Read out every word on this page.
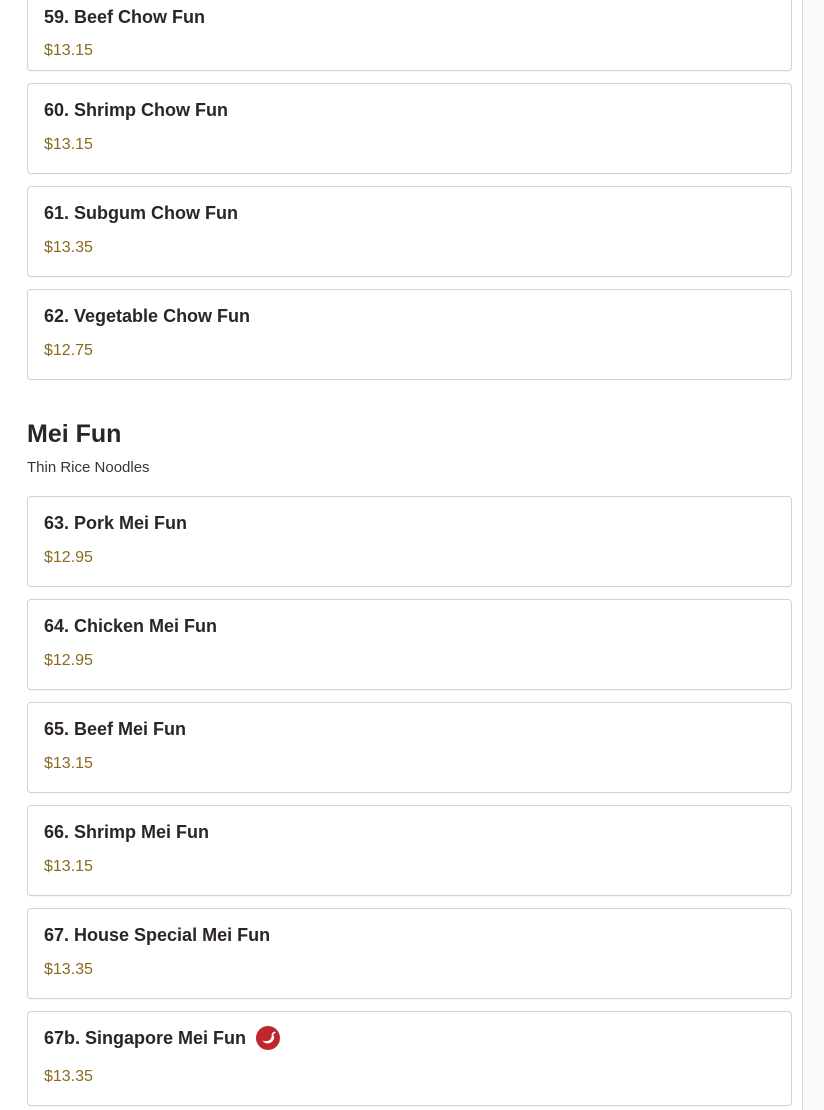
59. Beef Chow Fun
$13.15
60. Shrimp Chow Fun
$13.15
61. Subgum Chow Fun
$13.35
62. Vegetable Chow Fun
$12.75
Mei Fun
Thin Rice Noodles
63. Pork Mei Fun
$12.95
64. Chicken Mei Fun
$12.95
65. Beef Mei Fun
$13.15
66. Shrimp Mei Fun
$13.15
67. House Special Mei Fun
$13.35
67b. Singapore Mei Fun
$13.35
